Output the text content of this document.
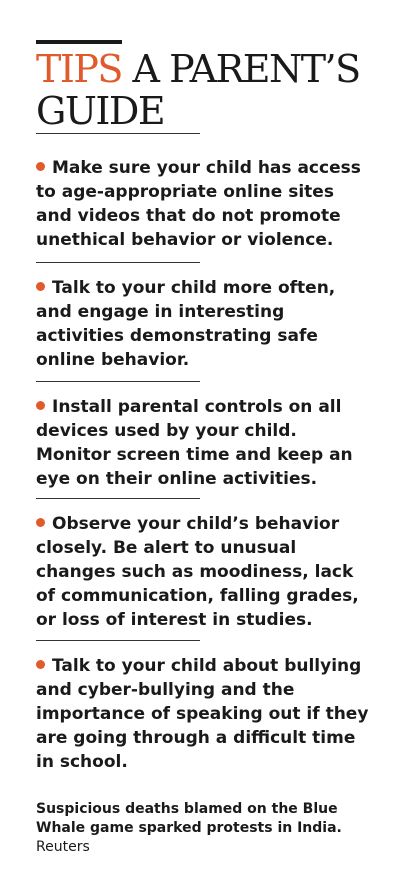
TIPS A PARENT’S GUIDE
Make sure your child has access to age-appropriate online sites and videos that do not promote unethical behavior or violence.
Talk to your child more often, and engage in interesting activities demonstrating safe online behavior.
Install parental controls on all devices used by your child. Monitor screen time and keep an eye on their online activities.
Observe your child’s behavior closely. Be alert to unusual changes such as moodiness, lack of communication, falling grades, or loss of interest in studies.
Talk to your child about bullying and cyber-bullying and the importance of speaking out if they are going through a difficult time in school.
Suspicious deaths blamed on the Blue Whale game sparked protests in India. Reuters
